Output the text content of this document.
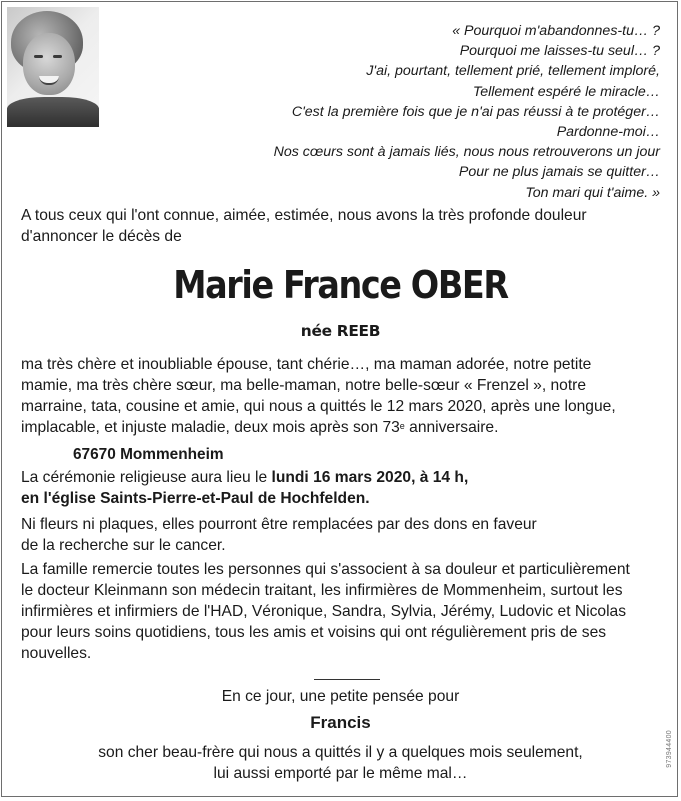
« Pourquoi m'abandonnes-tu… ?
Pourquoi me laisses-tu seul… ?
J'ai, pourtant, tellement prié, tellement imploré,
Tellement espéré le miracle…
C'est la première fois que je n'ai pas réussi à te protéger…
Pardonne-moi…
Nos cœurs sont à jamais liés, nous nous retrouverons un jour
Pour ne plus jamais se quitter…
Ton mari qui t'aime. »
A tous ceux qui l'ont connue, aimée, estimée, nous avons la très profonde douleur
d'annoncer le décès de
Marie France OBER
née REEB
ma très chère et inoubliable épouse, tant chérie…, ma maman adorée, notre petite
mamie, ma très chère sœur, ma belle-maman, notre belle-sœur « Frenzel », notre
marraine, tata, cousine et amie, qui nous a quittés le 12 mars 2020, après une longue,
implacable, et injuste maladie, deux mois après son 73e anniversaire.
67670 Mommenheim
La cérémonie religieuse aura lieu le lundi 16 mars 2020, à 14 h,
en l'église Saints-Pierre-et-Paul de Hochfelden.
Ni fleurs ni plaques, elles pourront être remplacées par des dons en faveur
de la recherche sur le cancer.
La famille remercie toutes les personnes qui s'associent à sa douleur et particulièrement
le docteur Kleinmann son médecin traitant, les infirmières de Mommenheim, surtout les
infirmières et infirmiers de l'HAD, Véronique, Sandra, Sylvia, Jérémy, Ludovic et Nicolas
pour leurs soins quotidiens, tous les amis et voisins qui ont régulièrement pris de ses
nouvelles.
En ce jour, une petite pensée pour
Francis
son cher beau-frère qui nous a quittés il y a quelques mois seulement,
lui aussi emporté par le même mal…
973944400
